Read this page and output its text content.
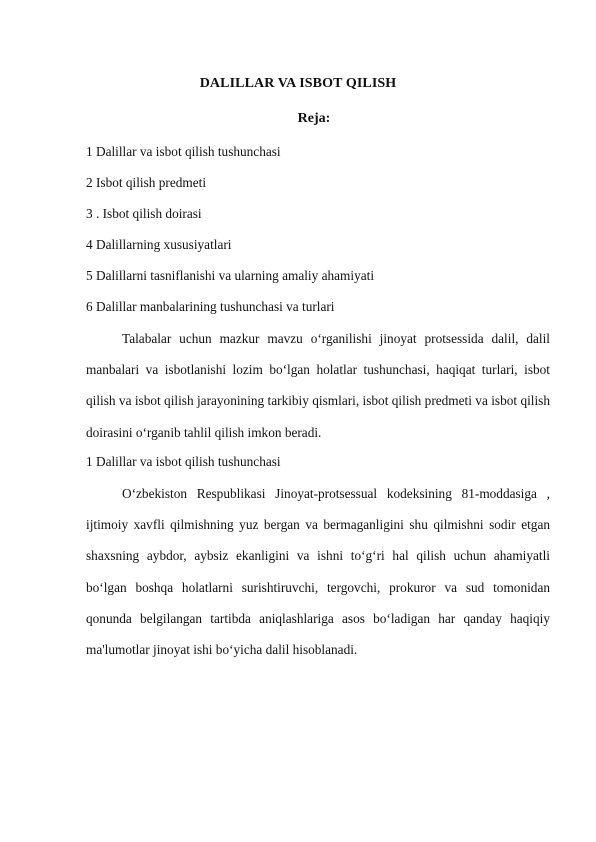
DALILLAR VA ISBOT QILISH
Reja:
1 Dalillar va isbot qilish tushunchasi
2 Isbot qilish predmeti
3 . Isbot qilish doirasi
4 Dalillarning xususiyatlari
5 Dalillarni tasniflanishi va ularning amaliy ahamiyati
6 Dalillar manbalarining tushunchasi va turlari
Talabalar uchun mazkur mavzu o‘rganilishi jinoyat protsessida dalil, dalil manbalari va isbotlanishi lozim bo‘lgan holatlar tushunchasi, haqiqat turlari, isbot qilish va isbot qilish jarayonining tarkibiy qismlari, isbot qilish predmeti va isbot qilish doirasini o‘rganib tahlil qilish imkon beradi.
1 Dalillar va isbot qilish tushunchasi
O‘zbekiston Respublikasi Jinoyat-protsessual kodeksining 81-moddasiga , ijtimoiy xavfli qilmishning yuz bergan va bermaganligini shu qilmishni sodir etgan shaxsning aybdor, aybsiz ekanligini va ishni to‘g‘ri hal qilish uchun ahamiyatli bo‘lgan boshqa holatlarni surishtiruvchi, tergovchi, prokuror va sud tomonidan qonunda belgilangan tartibda aniqlashlariga asos bo‘ladigan har qanday haqiqiy ma'lumotlar jinoyat ishi bo‘yicha dalil hisoblanadi.
